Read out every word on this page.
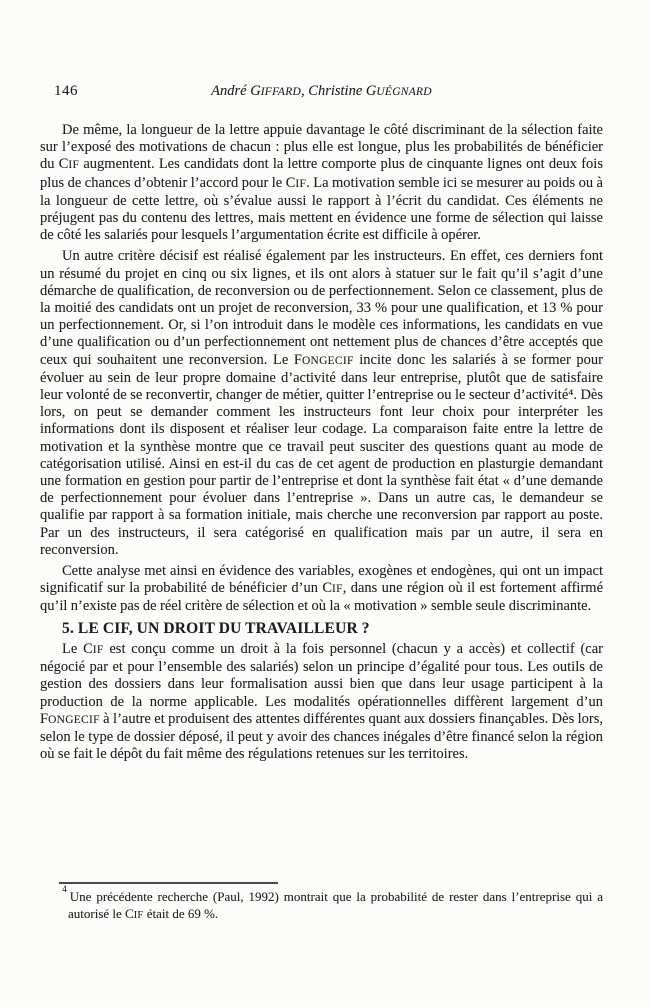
146	André GIFFARD, Christine GUÉGNARD

De même, la longueur de la lettre appuie davantage le côté discriminant de la sélection faite sur l’exposé des motivations de chacun : plus elle est longue, plus les probabilités de bénéficier du CIF augmentent. Les candidats dont la lettre comporte plus de cinquante lignes ont deux fois plus de chances d’obtenir l’accord pour le CIF. La motivation semble ici se mesurer au poids ou à la longueur de cette lettre, où s’évalue aussi le rapport à l’écrit du candidat. Ces éléments ne préjugent pas du contenu des lettres, mais mettent en évidence une forme de sélection qui laisse de côté les salariés pour lesquels l’argumentation écrite est difficile à opérer.

Un autre critère décisif est réalisé également par les instructeurs. En effet, ces derniers font un résumé du projet en cinq ou six lignes, et ils ont alors à statuer sur le fait qu’il s’agit d’une démarche de qualification, de reconversion ou de perfectionnement. Selon ce classement, plus de la moitié des candidats ont un projet de reconversion, 33 % pour une qualification, et 13 % pour un perfectionnement. Or, si l’on introduit dans le modèle ces informations, les candidats en vue d’une qualification ou d’un perfectionnement ont nettement plus de chances d’être acceptés que ceux qui souhaitent une reconversion. Le FONGECIF incite donc les salariés à se former pour évoluer au sein de leur propre domaine d’activité dans leur entreprise, plutôt que de satisfaire leur volonté de se reconvertir, changer de métier, quitter l’entreprise ou le secteur d’activité⁴. Dès lors, on peut se demander comment les instructeurs font leur choix pour interpréter les informations dont ils disposent et réaliser leur codage. La comparaison faite entre la lettre de motivation et la synthèse montre que ce travail peut susciter des questions quant au mode de catégorisation utilisé. Ainsi en est-il du cas de cet agent de production en plasturgie demandant une formation en gestion pour partir de l’entreprise et dont la synthèse fait état « d’une demande de perfectionnement pour évoluer dans l’entreprise ». Dans un autre cas, le demandeur se qualifie par rapport à sa formation initiale, mais cherche une reconversion par rapport au poste. Par un des instructeurs, il sera catégorisé en qualification mais par un autre, il sera en reconversion.

Cette analyse met ainsi en évidence des variables, exogènes et endogènes, qui ont un impact significatif sur la probabilité de bénéficier d’un CIF, dans une région où il est fortement affirmé qu’il n’existe pas de réel critère de sélection et où la « motivation » semble seule discriminante.

5. LE CIF, UN DROIT DU TRAVAILLEUR ?

Le CIF est conçu comme un droit à la fois personnel (chacun y a accès) et collectif (car négocié par et pour l’ensemble des salariés) selon un principe d’égalité pour tous. Les outils de gestion des dossiers dans leur formalisation aussi bien que dans leur usage participent à la production de la norme applicable. Les modalités opérationnelles diffèrent largement d’un FONGECIF à l’autre et produisent des attentes différentes quant aux dossiers finançables. Dès lors, selon le type de dossier déposé, il peut y avoir des chances inégales d’être financé selon la région où se fait le dépôt du fait même des régulations retenues sur les territoires.

$^4$ Une précédente recherche (Paul, 1992) montrait que la probabilité de rester dans l’entreprise qui a autorisé le CIF était de 69 %.
